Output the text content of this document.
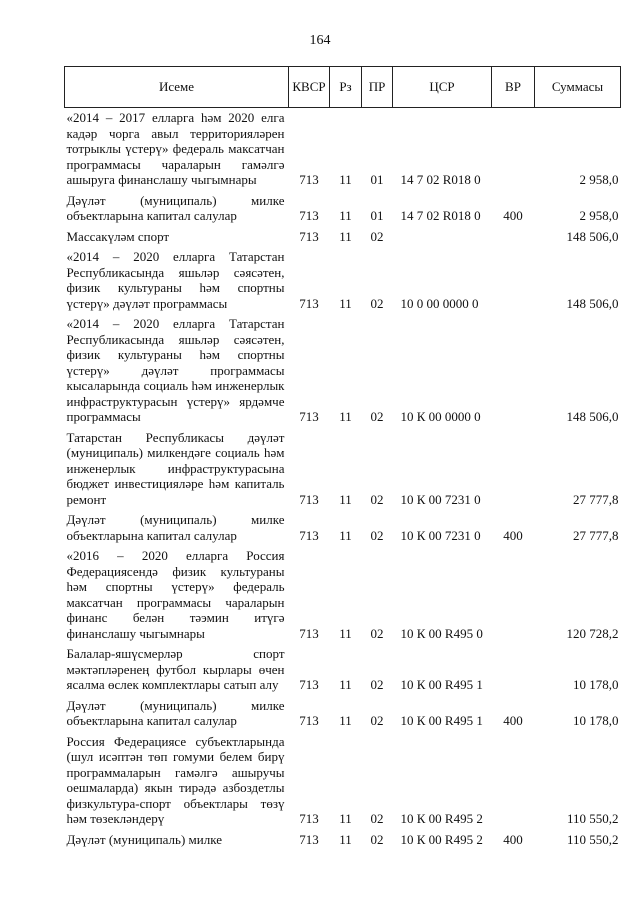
164
Исеме	КВСР	Рз	ПР	ЦСР	ВР	Суммасы
«2014 – 2017 елларга һәм 2020 елга кадәр чорга авыл территорияләрен тотрыклы үстерү» федераль максатчан программасы чараларын гамәлгә ашыруга финанслашу чыгымнары	713	11	01	14 7 02 R018 0		2 958,0
Дәүләт (муниципаль) милке объектларына капитал салулар	713	11	01	14 7 02 R018 0	400	2 958,0
Массакүләм спорт	713	11	02			148 506,0
«2014 – 2020 елларга Татарстан Республикасында яшьләр сәясәтен, физик культураны һәм спортны үстерү» дәүләт программасы	713	11	02	10 0 00 0000 0		148 506,0
«2014 – 2020 елларга Татарстан Республикасында яшьләр сәясәтен, физик культураны һәм спортны үстерү» дәүләт программасы кысаларында социаль һәм инженерлык инфраструктурасын үстерү» ярдәмче программасы	713	11	02	10 К 00 0000 0		148 506,0
Татарстан Республикасы дәүләт (муниципаль) милкендәге социаль һәм инженерлык инфраструктурасына бюджет инвестицияләре һәм капиталь ремонт	713	11	02	10 К 00 7231 0		27 777,8
Дәүләт (муниципаль) милке объектларына капитал салулар	713	11	02	10 К 00 7231 0	400	27 777,8
«2016 – 2020 елларга Россия Федерациясендә физик культураны һәм спортны үстерү» федераль максатчан программасы чараларын финанс белән тәэмин итүгә финанслашу чыгымнары	713	11	02	10 К 00 R495 0		120 728,2
Балалар-яшүсмерләр спорт мәктәпләренең футбол кырлары өчен ясалма өслек комплектлары сатып алу	713	11	02	10 К 00 R495 1		10 178,0
Дәүләт (муниципаль) милке объектларына капитал салулар	713	11	02	10 К 00 R495 1	400	10 178,0
Россия Федерациясе субъектларында (шул исәптән төп гомуми белем бирү программаларын гамәлгә ашыручы оешмаларда) якын тирәдә азбоздетлы физкультура-спорт объектлары төзү һәм төзекләндерү	713	11	02	10 К 00 R495 2		110 550,2
Дәүләт (муниципаль) милке	713	11	02	10 К 00 R495 2	400	110 550,2
